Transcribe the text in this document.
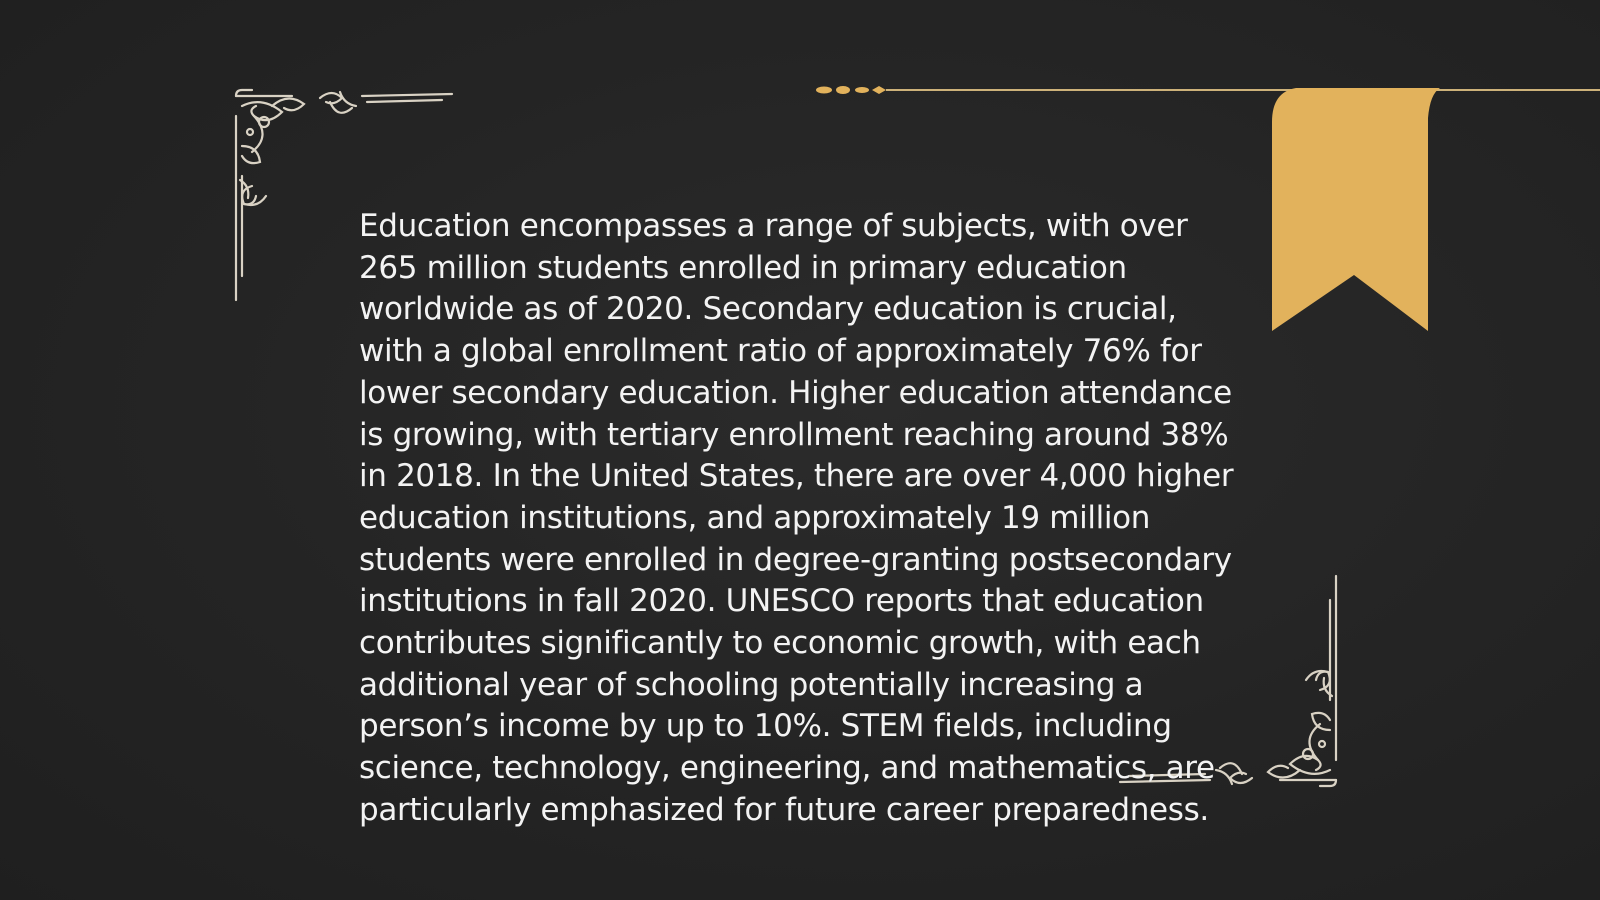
Education encompasses a range of subjects, with over 265 million students enrolled in primary education worldwide as of 2020. Secondary education is crucial, with a global enrollment ratio of approximately 76% for lower secondary education. Higher education attendance is growing, with tertiary enrollment reaching around 38% in 2018. In the United States, there are over 4,000 higher education institutions, and approximately 19 million students were enrolled in degree-granting postsecondary institutions in fall 2020. UNESCO reports that education contributes significantly to economic growth, with each additional year of schooling potentially increasing a person’s income by up to 10%. STEM fields, including science, technology, engineering, and mathematics, are particularly emphasized for future career preparedness.
